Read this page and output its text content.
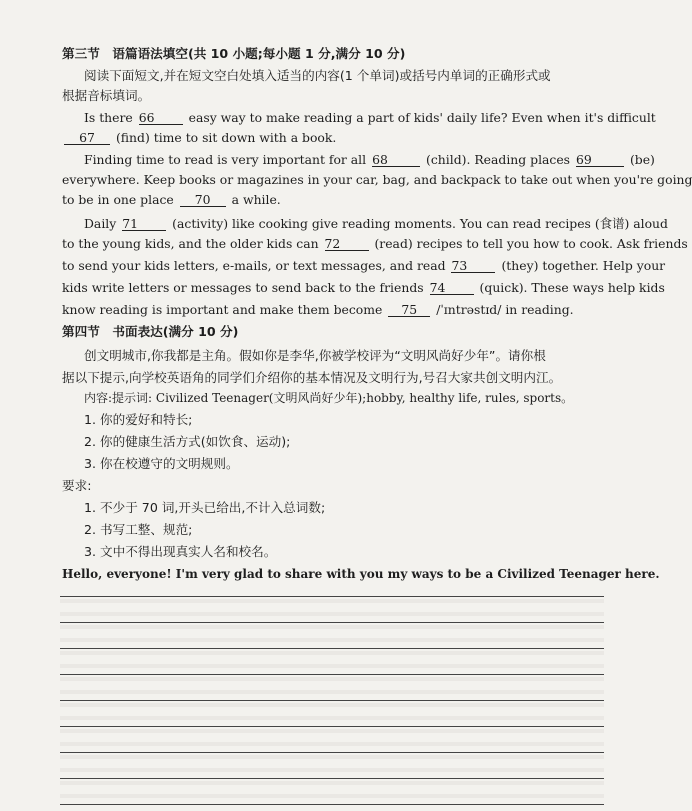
第三节　语篇语法填空(共 10 小题;每小题 1 分,满分 10 分)
阅读下面短文,并在短文空白处填入适当的内容(1 个单词)或括号内单词的正确形式或
根据音标填词。
Is there 66	easy way to make reading a part of kids' daily life? Even when it's difficult
67 (find) time to sit down with a book.
Finding time to read is very important for all 68	(child). Reading places 69	(be)
everywhere. Keep books or magazines in your car, bag, and backpack to take out when you're going
to be in one place 70 a while.
Daily 71	(activity) like cooking give reading moments. You can read recipes (食谱) aloud
to the young kids, and the older kids can 72	(read) recipes to tell you how to cook. Ask friends
to send your kids letters, e-mails, or text messages, and read 73	(they) together. Help your
kids write letters or messages to send back to the friends 74	(quick). These ways help kids
know reading is important and make them become 75 /ˈɪntrəstɪd/ in reading.
第四节　书面表达(满分 10 分)
创文明城市,你我都是主角。假如你是李华,你被学校评为“文明风尚好少年”。请你根
据以下提示,向学校英语角的同学们介绍你的基本情况及文明行为,号召大家共创文明内江。
内容:提示词: Civilized Teenager(文明风尚好少年);hobby, healthy life, rules, sports。
1. 你的爱好和特长;
2. 你的健康生活方式(如饮食、运动);
3. 你在校遵守的文明规则。
要求:
1. 不少于 70 词,开头已给出,不计入总词数;
2. 书写工整、规范;
3. 文中不得出现真实人名和校名。
Hello, everyone! I'm very glad to share with you my ways to be a Civilized Teenager here.
